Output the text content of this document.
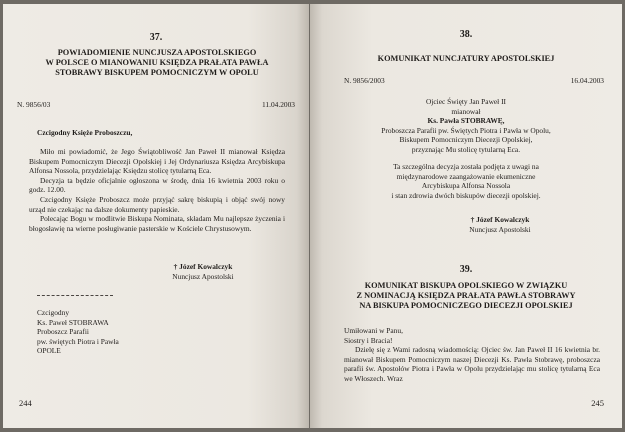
37.
POWIADOMIENIE NUNCJUSZA APOSTOLSKIEGO
W POLSCE O MIANOWANIU KSIĘDZA PRAŁATA PAWŁA
STOBRAWY BISKUPEM POMOCNICZYM W OPOLU
N. 9856/03	11.04.2003
Czcigodny Księże Proboszczu,

Miło mi powiadomić, że Jego Świątobliwość Jan Paweł II mianował Księdza Biskupem Pomocniczym Diecezji Opolskiej i Jej Ordynariusza Księdza Arcybiskupa Alfonsa Nossola, przydzielając Księdzu stolicę tytularną Eca.

Decyzja ta będzie oficjalnie ogłoszona w środę, dnia 16 kwietnia 2003 roku o godz. 12.00.

Czcigodny Księże Proboszcz może przyjąć sakrę biskupią i objąć swój nowy urząd nie czekając na dalsze dokumenty papieskie.

Polecając Bogu w modlitwie Biskupa Nominata, składam Mu najlepsze życzenia i błogosławię na wierne posługiwanie pasterskie w Kościele Chrystusowym.

† Józef Kowalczyk
Nuncjusz Apostolski
Czcigodny
Ks. Paweł STOBRAWA
Proboszcz Parafii
pw. świętych Piotra i Pawła
OPOLE
244
38.
KOMUNIKAT NUNCJATURY APOSTOLSKIEJ
N. 9856/2003	16.04.2003
Ojciec Święty Jan Paweł II
mianował
Ks. Pawła STOBRAWĘ,
Proboszcza Parafii pw. Świętych Piotra i Pawła w Opolu,
Biskupem Pomocniczym Diecezji Opolskiej,
przyznając Mu stolicę tytularną Eca.
Ta szczególna decyzja została podjęta z uwagi na
międzynarodowe zaangażowanie ekumeniczne
Arcybiskupa Alfonsa Nossola
i stan zdrowia dwóch biskupów diecezji opolskiej.
† Józef Kowalczyk
Nuncjusz Apostolski
39.
KOMUNIKAT BISKUPA OPOLSKIEGO W ZWIĄZKU
Z NOMINACJĄ KSIĘDZA PRAŁATA PAWŁA STOBRAWY
NA BISKUPA POMOCNICZEGO DIECEZJI OPOLSKIEJ
Umiłowani w Panu,
Siostry i Bracia!

Dzielę się z Wami radosną wiadomością: Ojciec św. Jan Paweł II 16 kwietnia br. mianował Biskupem Pomocniczym naszej Diecezji Ks. Pawła Stobrawę, proboszcza parafii św. Apostołów Piotra i Pawła w Opolu przydzielając mu stolicę tytularną Eca we Włoszech. Wraz

245
